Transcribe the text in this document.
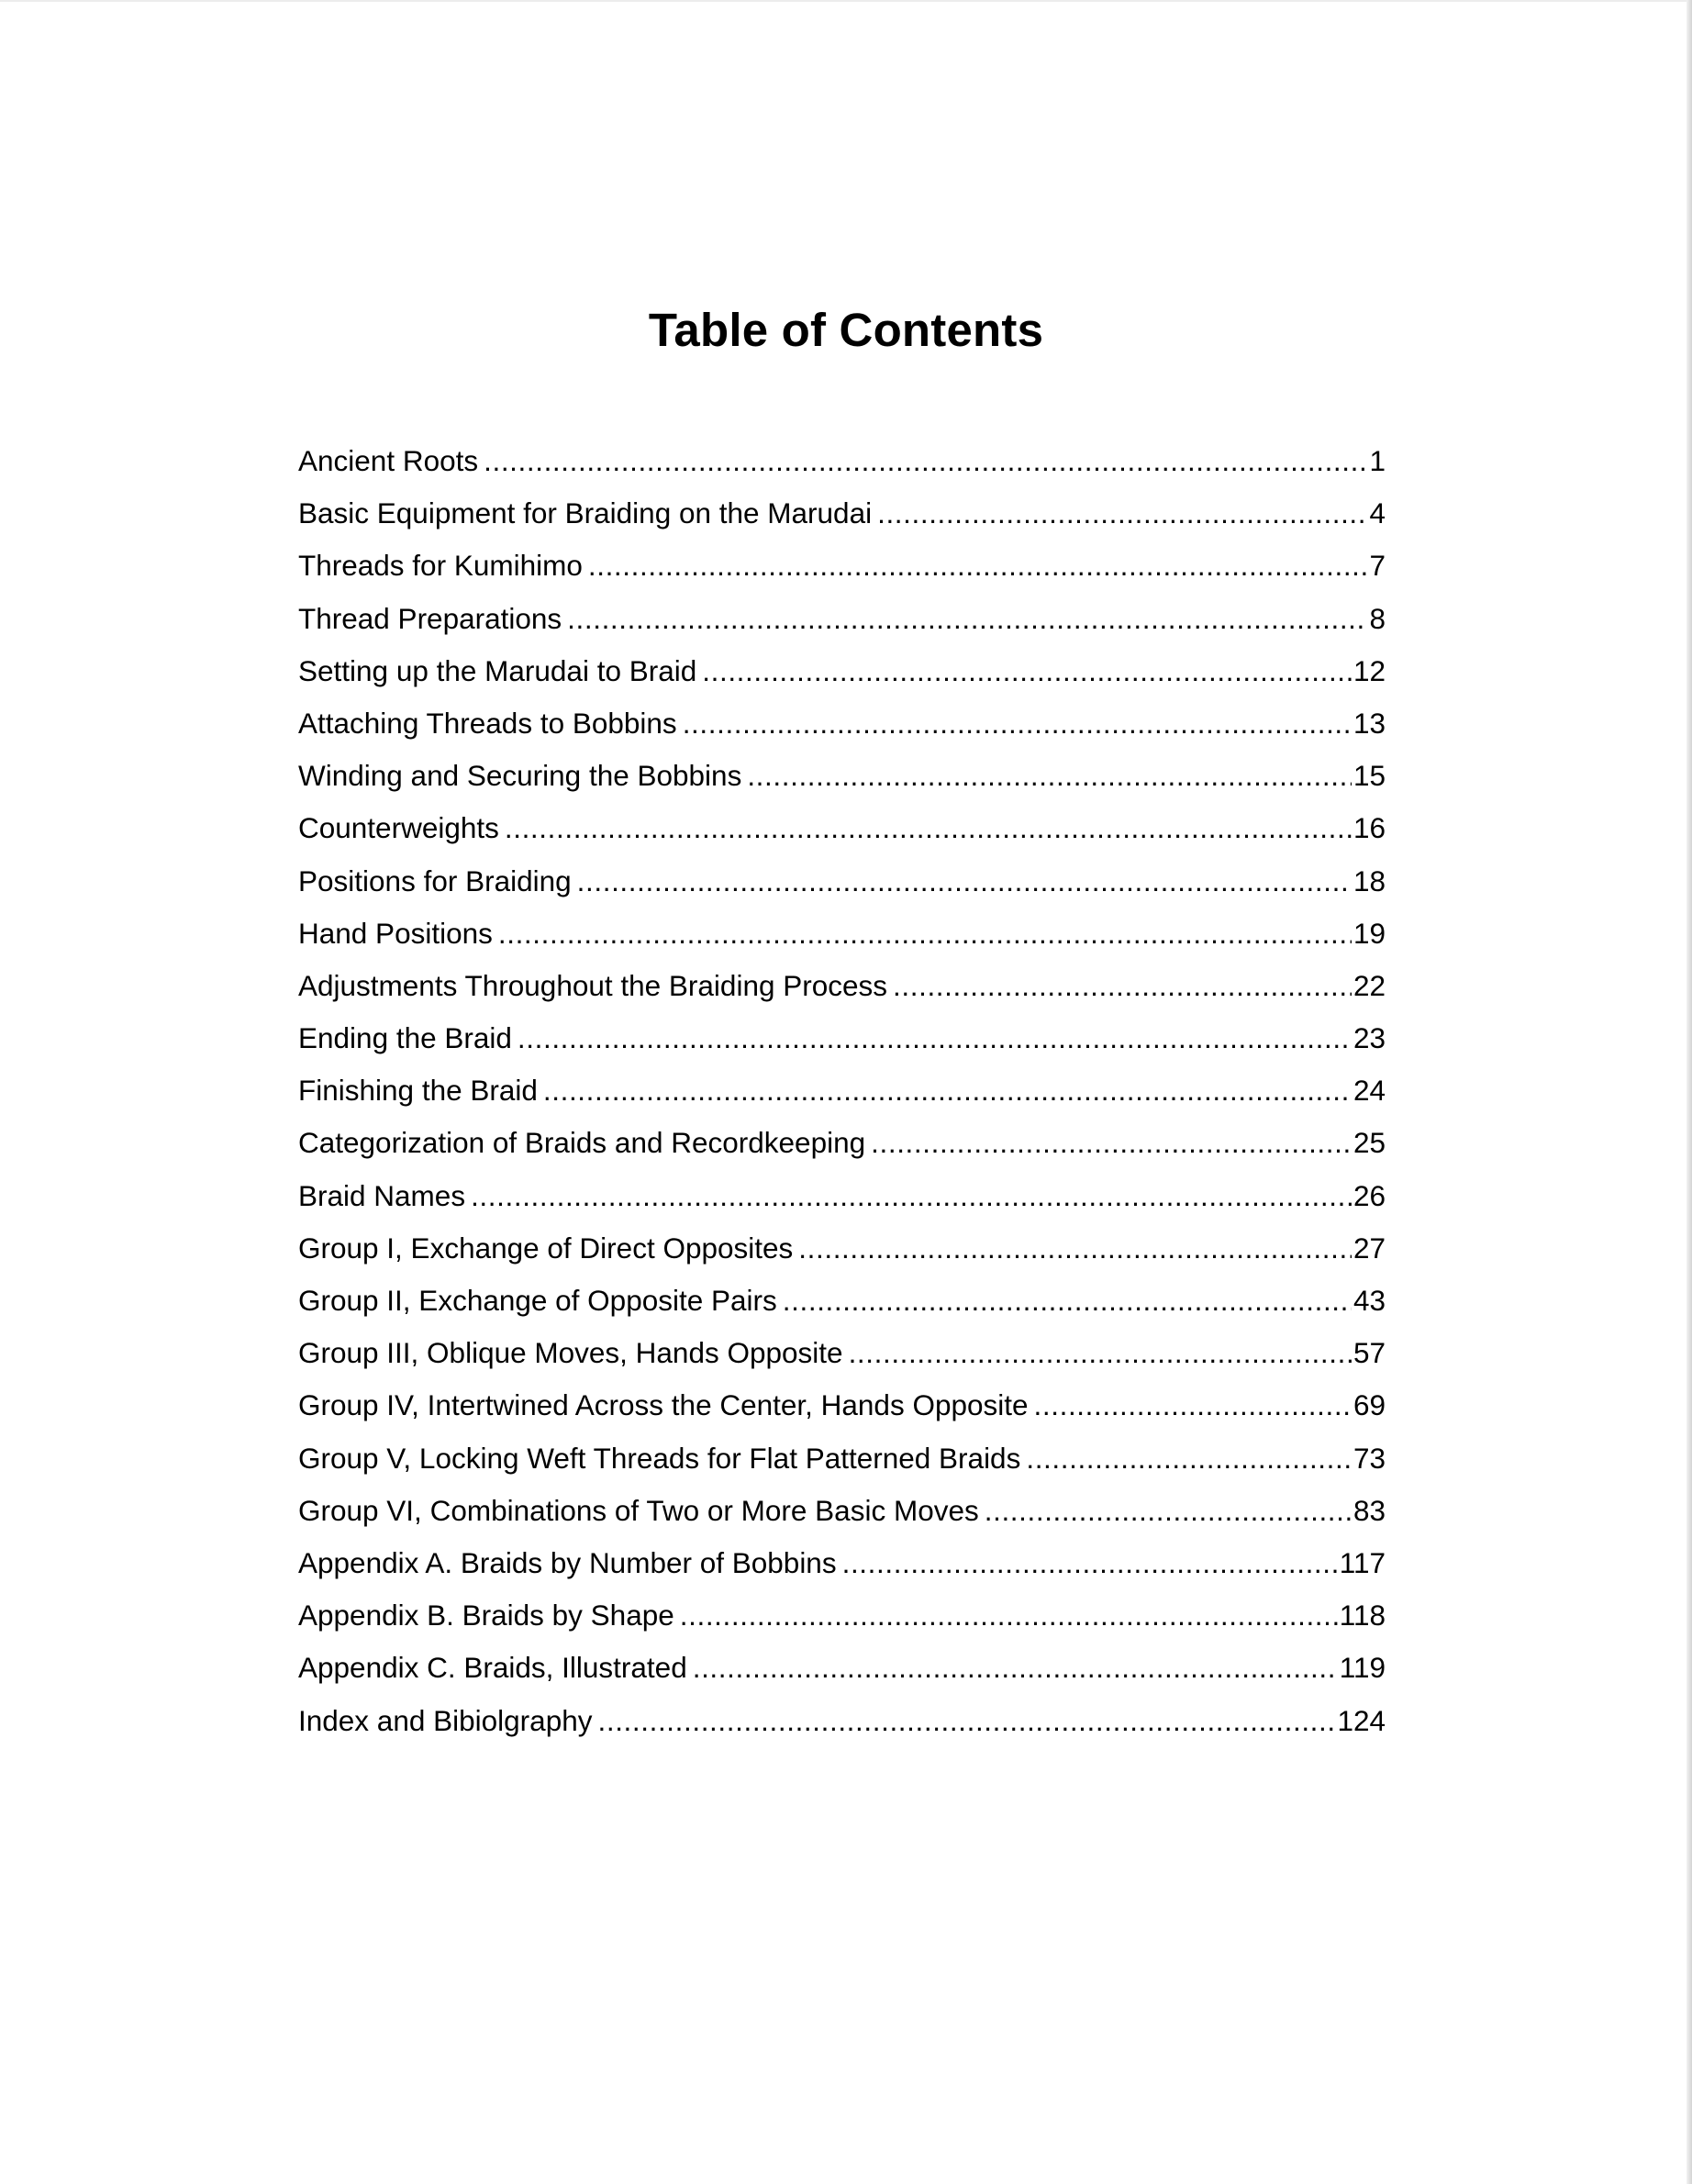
Table of Contents
Ancient Roots .....	1
Basic Equipment for Braiding on the Marudai .....	4
Threads for Kumihimo .....	7
Thread Preparations .....	8
Setting up the Marudai to Braid .....	12
Attaching Threads to Bobbins .....	13
Winding and Securing the Bobbins .....	15
Counterweights .....	16
Positions for Braiding .....	18
Hand Positions .....	19
Adjustments Throughout the Braiding Process .....	22
Ending the Braid .....	23
Finishing the Braid .....	24
Categorization of Braids and Recordkeeping .....	25
Braid Names .....	26
Group I, Exchange of Direct Opposites .....	27
Group II, Exchange of Opposite Pairs .....	43
Group III, Oblique Moves, Hands Opposite .....	57
Group IV, Intertwined Across the Center, Hands Opposite .....	69
Group V, Locking Weft Threads for Flat Patterned Braids .....	73
Group VI, Combinations of Two or More Basic Moves .....	83
Appendix A. Braids by Number of Bobbins .....	117
Appendix B. Braids by Shape .....	118
Appendix C. Braids, Illustrated .....	119
Index and Bibiolgraphy .....	124
